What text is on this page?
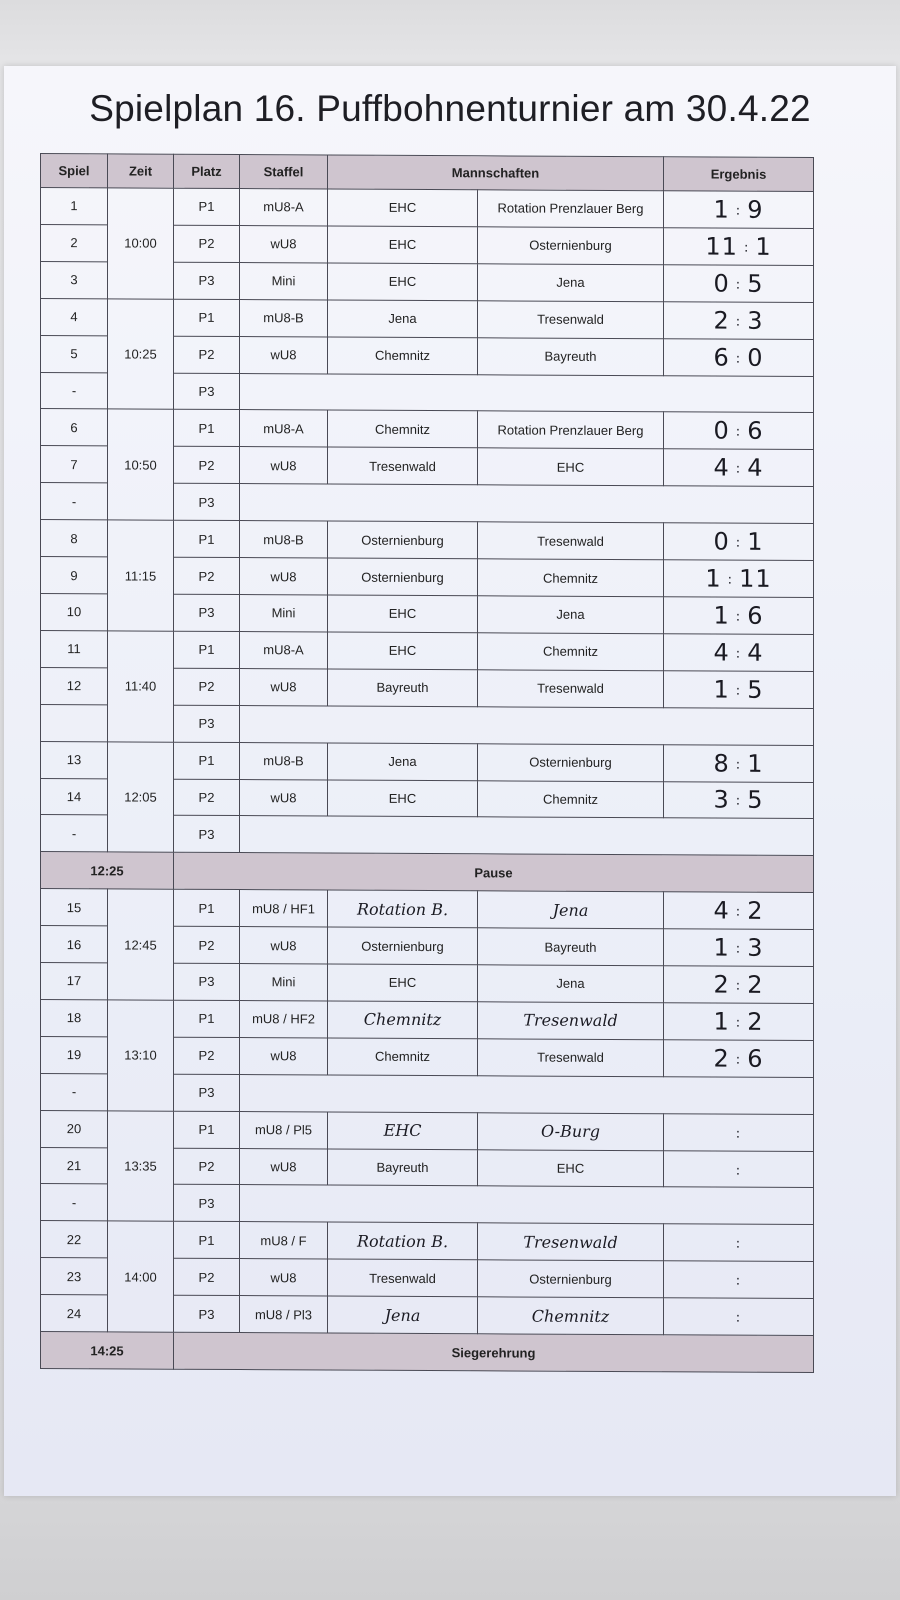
Spielplan 16. Puffbohnenturnier am 30.4.22
Spiel	Zeit	Platz	Staffel	Mannschaften		Ergebnis
1	10:00	P1	mU8-A	EHC	Rotation Prenzlauer Berg	1 : 9
2		P2	wU8	EHC	Osternienburg	11 : 1
3		P3	Mini	EHC	Jena	0 : 5
4	10:25	P1	mU8-B	Jena	Tresenwald	2 : 3
5		P2	wU8	Chemnitz	Bayreuth	6 : 0
-		P3				
6	10:50	P1	mU8-A	Chemnitz	Rotation Prenzlauer Berg	0 : 6
7		P2	wU8	Tresenwald	EHC	4 : 4
-		P3				
8	11:15	P1	mU8-B	Osternienburg	Tresenwald	0 : 1
9		P2	wU8	Osternienburg	Chemnitz	1 : 11
10		P3	Mini	EHC	Jena	1 : 6
11	11:40	P1	mU8-A	EHC	Chemnitz	4 : 4
12		P2	wU8	Bayreuth	Tresenwald	1 : 5
		P3				
13	12:05	P1	mU8-B	Jena	Osternienburg	8 : 1
14		P2	wU8	EHC	Chemnitz	3 : 5
-		P3				
12:25		Pause				
15	12:45	P1	mU8 / HF1	Rotation B.	Jena	4 : 2
16		P2	wU8	Osternienburg	Bayreuth	1 : 3
17		P3	Mini	EHC	Jena	2 : 2
18	13:10	P1	mU8 / HF2	Chemnitz	Tresenwald	1 : 2
19		P2	wU8	Chemnitz	Tresenwald	2 : 6
-		P3				
20	13:35	P1	mU8 / Pl5	EHC	O-Burg	:
21		P2	wU8	Bayreuth	EHC	:
-		P3				
22	14:00	P1	mU8 / F	Rotation B.	Tresenwald	:
23		P2	wU8	Tresenwald	Osternienburg	:
24		P3	mU8 / Pl3	Jena	Chemnitz	:
14:25		Siegerehrung				
